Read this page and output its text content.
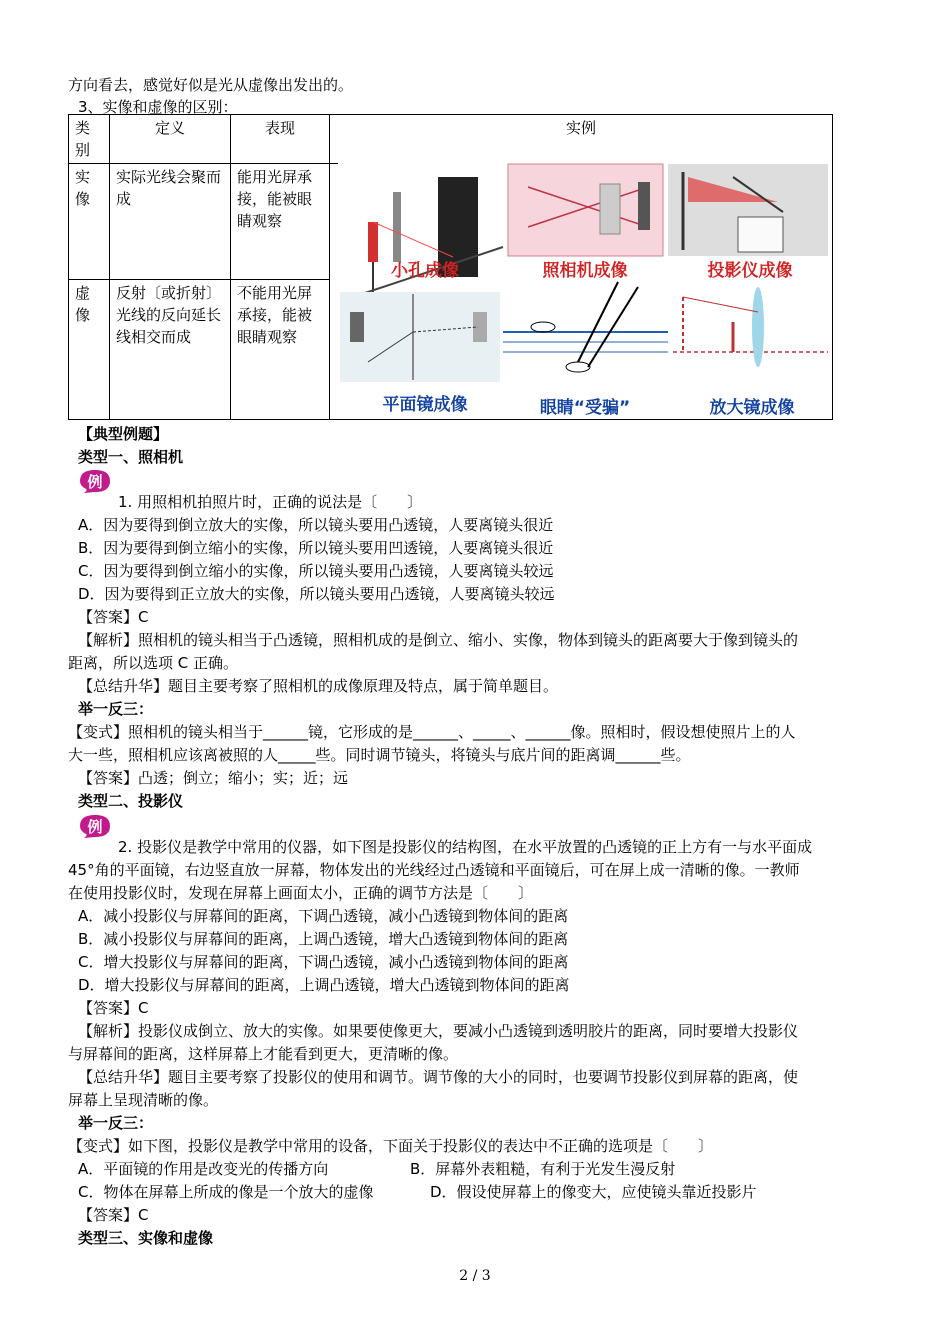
方向看去，感觉好似是光从虚像出发出的。
3、实像和虚像的区别：
类别	定义	表现	实例
实像	实际光线会聚而成	能用光屏承接，能被眼睛观察	
虚像	反射〔或折射〕光线的反向延长线相交而成	不能用光屏承接，能被眼睛观察	
小孔成像	照相机成像	投影仪成像
平面镜成像	眼睛“受骗”	放大镜成像
【典型例题】
类型一、照相机
例
1. 用照相机拍照片时，正确的说法是〔　　〕
A．因为要得到倒立放大的实像，所以镜头要用凸透镜，人要离镜头很近
B．因为要得到倒立缩小的实像，所以镜头要用凹透镜，人要离镜头很近
C．因为要得到倒立缩小的实像，所以镜头要用凸透镜，人要离镜头较远
D．因为要得到正立放大的实像，所以镜头要用凸透镜，人要离镜头较远
【答案】C
【解析】照相机的镜头相当于凸透镜，照相机成的是倒立、缩小、实像，物体到镜头的距离要大于像到镜头的
距离，所以选项 C 正确。
【总结升华】题目主要考察了照相机的成像原理及特点，属于简单题目。
举一反三：
【变式】照相机的镜头相当于______镜，它形成的是______、_____、______像。照相时，假设想使照片上的人
大一些，照相机应该离被照的人_____些。同时调节镜头，将镜头与底片间的距离调______些。
【答案】凸透；倒立；缩小；实；近；远
类型二、投影仪
例
2. 投影仪是教学中常用的仪器，如下图是投影仪的结构图，在水平放置的凸透镜的正上方有一与水平面成
45°角的平面镜，右边竖直放一屏幕，物体发出的光线经过凸透镜和平面镜后，可在屏上成一清晰的像。一教师
在使用投影仪时，发现在屏幕上画面太小，正确的调节方法是〔　　〕
A．减小投影仪与屏幕间的距离，下调凸透镜，减小凸透镜到物体间的距离
B．减小投影仪与屏幕间的距离，上调凸透镜，增大凸透镜到物体间的距离
C．增大投影仪与屏幕间的距离，下调凸透镜，减小凸透镜到物体间的距离
D．增大投影仪与屏幕间的距离，上调凸透镜，增大凸透镜到物体间的距离
【答案】C
【解析】投影仪成倒立、放大的实像。如果要使像更大，要减小凸透镜到透明胶片的距离，同时要增大投影仪
与屏幕间的距离，这样屏幕上才能看到更大，更清晰的像。
【总结升华】题目主要考察了投影仪的使用和调节。调节像的大小的同时，也要调节投影仪到屏幕的距离，使
屏幕上呈现清晰的像。
举一反三：
【变式】如下图，投影仪是教学中常用的设备，下面关于投影仪的表达中不正确的选项是〔　　〕
A．平面镜的作用是改变光的传播方向	B．屏幕外表粗糙，有利于光发生漫反射
C．物体在屏幕上所成的像是一个放大的虚像	D．假设使屏幕上的像变大，应使镜头靠近投影片
【答案】C
类型三、实像和虚像
2 / 3
